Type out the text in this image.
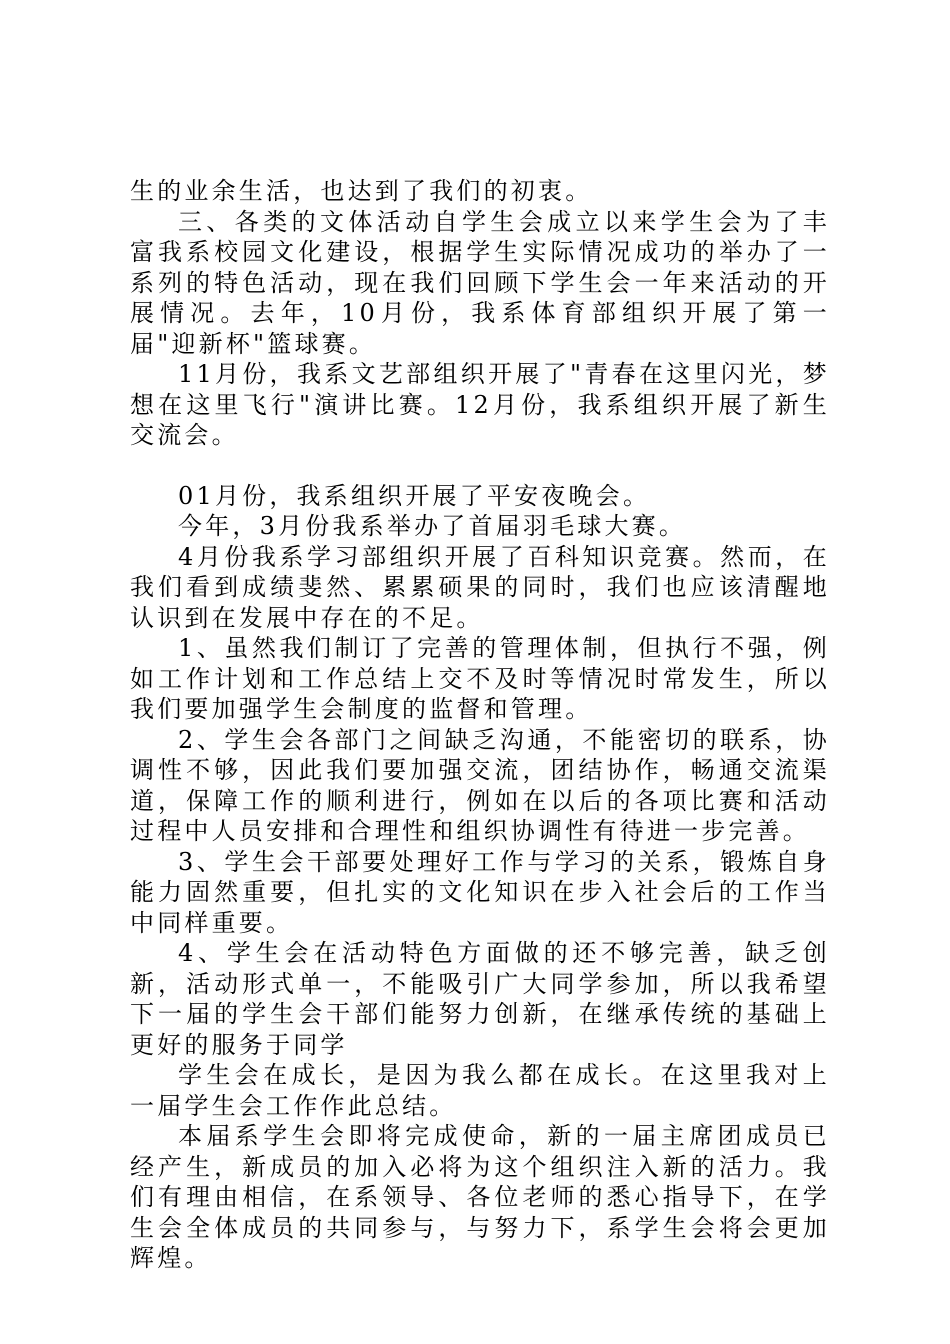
生的业余生活，也达到了我们的初衷。

三、各类的文体活动自学生会成立以来学生会为了丰富我系校园文化建设，根据学生实际情况成功的举办了一系列的特色活动，现在我们回顾下学生会一年来活动的开展情况。去年，10月份，我系体育部组织开展了第一届"迎新杯"篮球赛。

11月份，我系文艺部组织开展了"青春在这里闪光，梦想在这里飞行"演讲比赛。12月份，我系组织开展了新生交流会。

01月份，我系组织开展了平安夜晚会。

今年，3月份我系举办了首届羽毛球大赛。

4月份我系学习部组织开展了百科知识竞赛。然而，在我们看到成绩斐然、累累硕果的同时，我们也应该清醒地认识到在发展中存在的不足。

1、虽然我们制订了完善的管理体制，但执行不强，例如工作计划和工作总结上交不及时等情况时常发生，所以我们要加强学生会制度的监督和管理。

2、学生会各部门之间缺乏沟通，不能密切的联系，协调性不够，因此我们要加强交流，团结协作，畅通交流渠道，保障工作的顺利进行，例如在以后的各项比赛和活动过程中人员安排和合理性和组织协调性有待进一步完善。

3、学生会干部要处理好工作与学习的关系，锻炼自身能力固然重要，但扎实的文化知识在步入社会后的工作当中同样重要。

4、学生会在活动特色方面做的还不够完善，缺乏创新，活动形式单一，不能吸引广大同学参加，所以我希望下一届的学生会干部们能努力创新，在继承传统的基础上更好的服务于同学

学生会在成长，是因为我么都在成长。在这里我对上一届学生会工作作此总结。

本届系学生会即将完成使命，新的一届主席团成员已经产生，新成员的加入必将为这个组织注入新的活力。我们有理由相信，在系领导、各位老师的悉心指导下，在学生会全体成员的共同参与，与努力下，系学生会将会更加辉煌。
